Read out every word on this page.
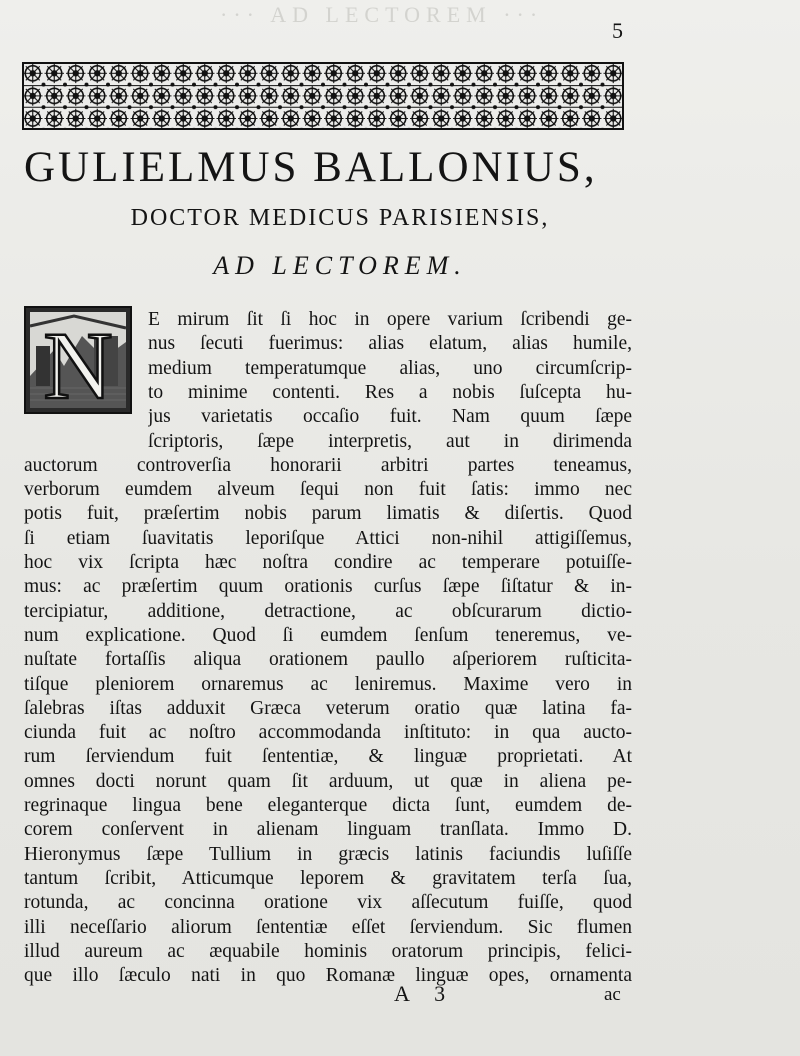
··· AD LECTOREM ···
5
GULIELMUS BALLONIUS,
DOCTOR MEDICUS PARISIENSIS,
AD LECTOREM.
N E mirum ſit ſi hoc in opere varium ſcribendi ge-
nus ſecuti fuerimus: alias elatum, alias humile,
medium temperatumque alias, uno circumſcrip-
to minime contenti. Res a nobis ſuſcepta hu-
jus varietatis occaſio fuit. Nam quum ſæpe
ſcriptoris, ſæpe interpretis, aut in dirimenda
auctorum controverſia honorarii arbitri partes teneamus,
verborum eumdem alveum ſequi non fuit ſatis: immo nec
potis fuit, præſertim nobis parum limatis & diſertis. Quod
ſi etiam ſuavitatis leporiſque Attici non-nihil attigiſſemus,
hoc vix ſcripta hæc noſtra condire ac temperare potuiſſe-
mus: ac præſertim quum orationis curſus ſæpe ſiſtatur & in-
tercipiatur, additione, detractione, ac obſcurarum dictio-
num explicatione. Quod ſi eumdem ſenſum teneremus, ve-
nuſtate fortaſſis aliqua orationem paullo aſperiorem ruſticita-
tiſque pleniorem ornaremus ac leniremus. Maxime vero in
ſalebras iſtas adduxit Græca veterum oratio quæ latina fa-
ciunda fuit ac noſtro accommodanda inſtituto: in qua aucto-
rum ſerviendum fuit ſententiæ, & linguæ proprietati. At
omnes docti norunt quam ſit arduum, ut quæ in aliena pe-
regrinaque lingua bene eleganterque dicta ſunt, eumdem de-
corem conſervent in alienam linguam tranſlata. Immo D.
Hieronymus ſæpe Tullium in græcis latinis faciundis luſiſſe
tantum ſcribit, Atticumque leporem & gravitatem terſa ſua,
rotunda, ac concinna oratione vix aſſecutum fuiſſe, quod
illi neceſſario aliorum ſententiæ eſſet ſerviendum. Sic flumen
illud aureum ac æquabile hominis oratorum principis, felici-
que illo ſæculo nati in quo Romanæ linguæ opes, ornamenta
A 3	ac
